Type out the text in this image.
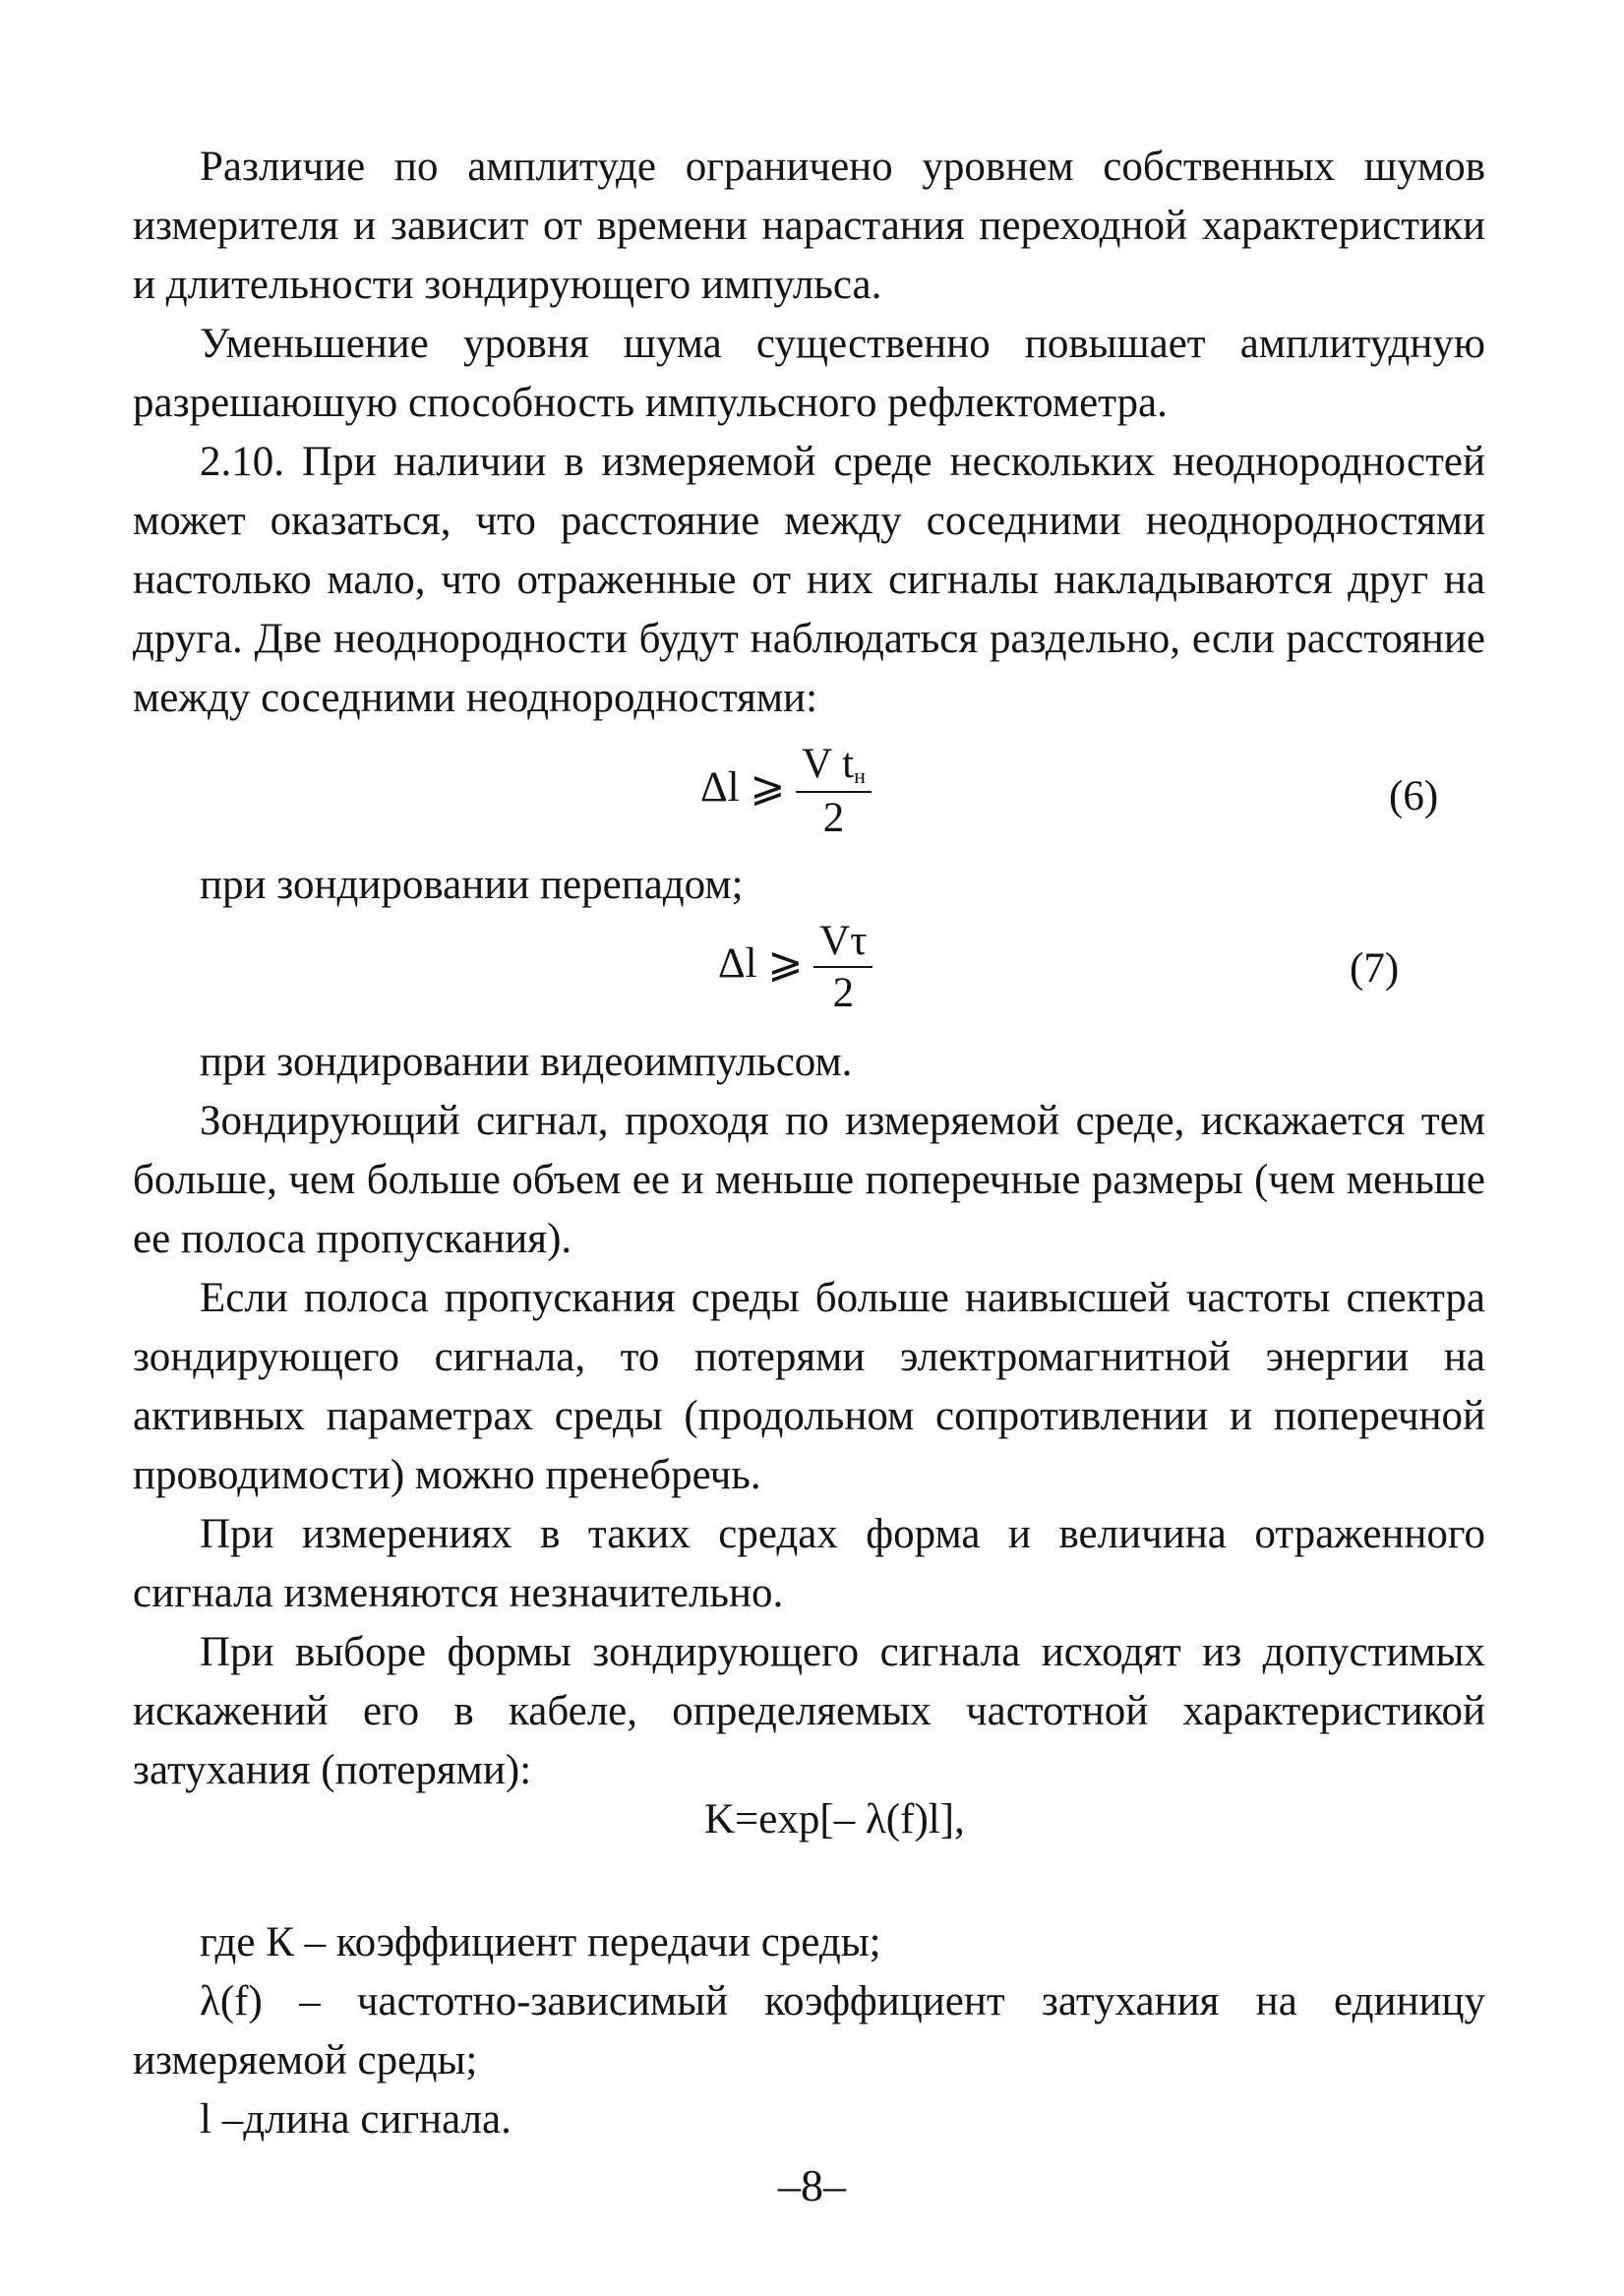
Различие по амплитуде ограничено уровнем собственных шумов измерителя и зависит от времени нарастания переходной характеристики и длительности зондирующего импульса.

Уменьшение уровня шума существенно повышает амплитудную разрешаюшую способность импульсного рефлектометра.

2.10. При наличии в измеряемой среде нескольких неоднородностей может оказаться, что расстояние между соседними неоднородностями настолько мало, что отраженные от них сигналы накладываются друг на друга. Две неоднородности будут наблюдаться раздельно, если расстояние между соседними неоднородностями:

Δl ⩾ $\frac{V t_н}{2}$	(6)

при зондировании перепадом;

Δl ⩾ $\frac{V\tau}{2}$	(7)

при зондировании видеоимпульсом.

Зондирующий сигнал, проходя по измеряемой среде, искажается тем больше, чем больше объем ее и меньше поперечные размеры (чем меньше ее полоса пропускания).

Если полоса пропускания среды больше наивысшей частоты спектра зондирующего сигнала, то потерями электромагнитной энергии на активных параметрах среды (продольном сопротивлении и поперечной проводимости) можно пренебречь.

При измерениях в таких средах форма и величина отраженного сигнала изменяются незначительно.

При выборе формы зондирующего сигнала исходят из допустимых искажений его в кабеле, определяемых частотной характеристикой затухания (потерями):

K=exp[– λ(f)l],

где К – коэффициент передачи среды;

λ(f) – частотно-зависимый коэффициент затухания на единицу измеряемой среды;

l –длина сигнала.

–8–
